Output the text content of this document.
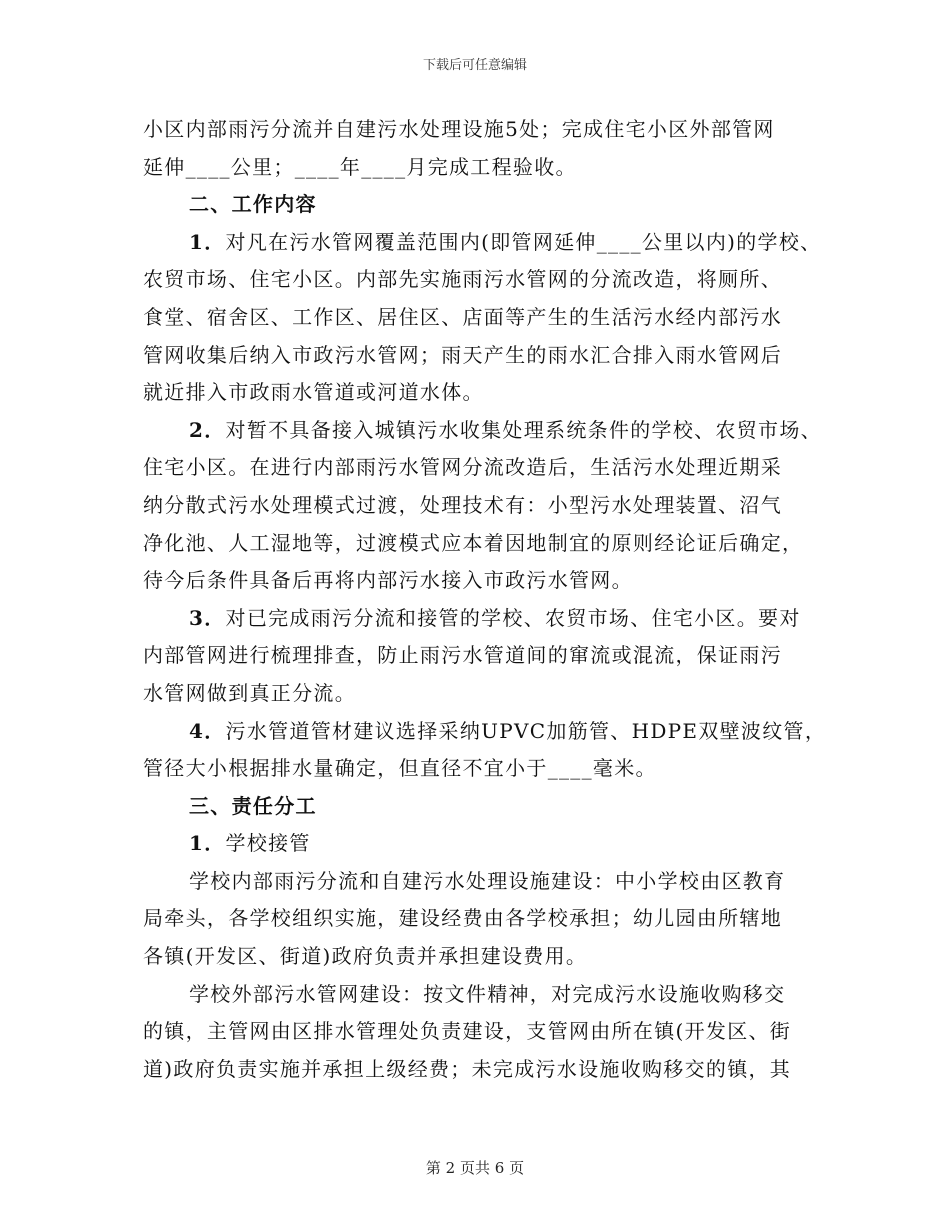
下载后可任意编辑
小区内部雨污分流并自建污水处理设施5处；完成住宅小区外部管网
延伸____公里；____年____月完成工程验收。
二、工作内容
1．对凡在污水管网覆盖范围内(即管网延伸____公里以内)的学校、
农贸市场、住宅小区。内部先实施雨污水管网的分流改造，将厕所、
食堂、宿舍区、工作区、居住区、店面等产生的生活污水经内部污水
管网收集后纳入市政污水管网；雨天产生的雨水汇合排入雨水管网后
就近排入市政雨水管道或河道水体。
2．对暂不具备接入城镇污水收集处理系统条件的学校、农贸市场、
住宅小区。在进行内部雨污水管网分流改造后，生活污水处理近期采
纳分散式污水处理模式过渡，处理技术有：小型污水处理装置、沼气
净化池、人工湿地等，过渡模式应本着因地制宜的原则经论证后确定，
待今后条件具备后再将内部污水接入市政污水管网。
3．对已完成雨污分流和接管的学校、农贸市场、住宅小区。要对
内部管网进行梳理排查，防止雨污水管道间的窜流或混流，保证雨污
水管网做到真正分流。
4．污水管道管材建议选择采纳UPVC加筋管、HDPE双壁波纹管，
管径大小根据排水量确定，但直径不宜小于____毫米。
三、责任分工
1．学校接管
学校内部雨污分流和自建污水处理设施建设：中小学校由区教育
局牵头，各学校组织实施，建设经费由各学校承担；幼儿园由所辖地
各镇(开发区、街道)政府负责并承担建设费用。
学校外部污水管网建设：按文件精神，对完成污水设施收购移交
的镇，主管网由区排水管理处负责建设，支管网由所在镇(开发区、街
道)政府负责实施并承担上级经费；未完成污水设施收购移交的镇，其
第 2 页共 6 页
